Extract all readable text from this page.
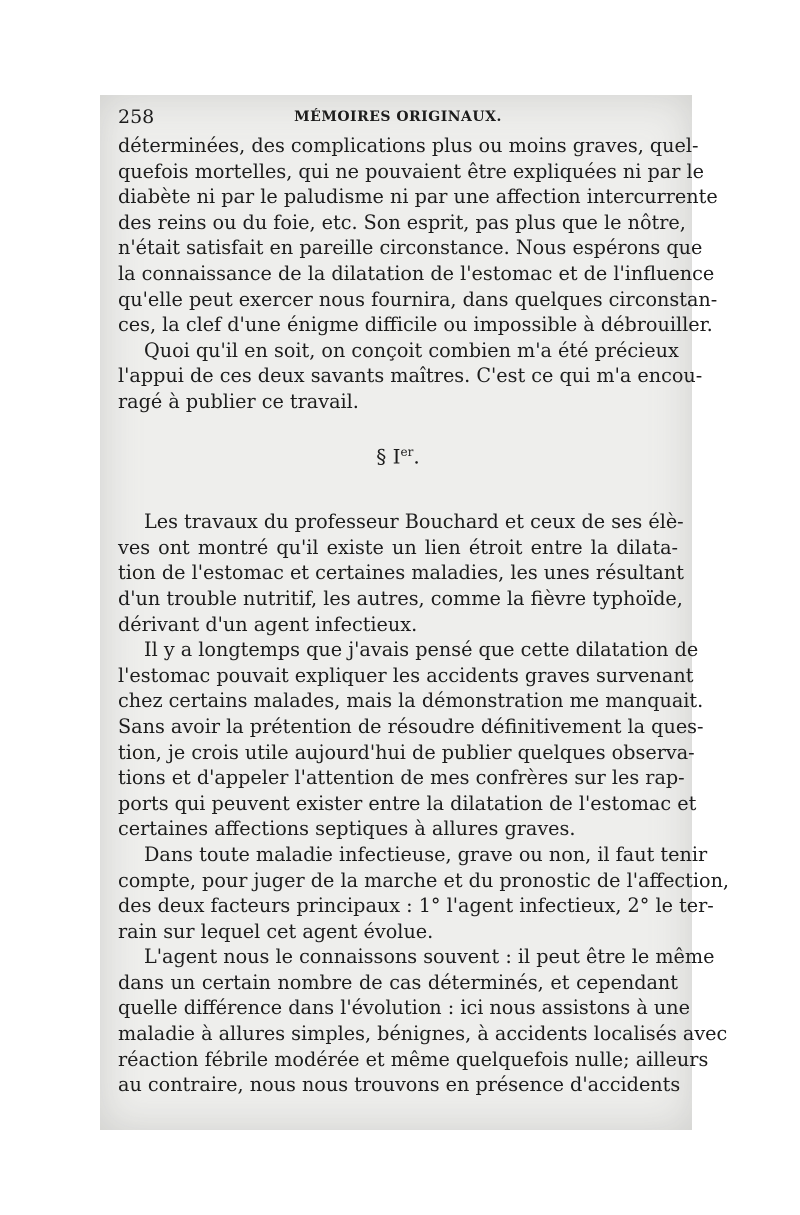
258	MÉMOIRES ORIGINAUX.

déterminées, des complications plus ou moins graves, quel-
quefois mortelles, qui ne pouvaient être expliquées ni par le
diabète ni par le paludisme ni par une affection intercurrente
des reins ou du foie, etc. Son esprit, pas plus que le nôtre,
n'était satisfait en pareille circonstance. Nous espérons que
la connaissance de la dilatation de l'estomac et de l'influence
qu'elle peut exercer nous fournira, dans quelques circonstan-
ces, la clef d'une énigme difficile ou impossible à débrouiller.

Quoi qu'il en soit, on conçoit combien m'a été précieux
l'appui de ces deux savants maîtres. C'est ce qui m'a encou-
ragé à publier ce travail.

§ Ier.

Les travaux du professeur Bouchard et ceux de ses élè-
ves ont montré qu'il existe un lien étroit entre la dilata-
tion de l'estomac et certaines maladies, les unes résultant
d'un trouble nutritif, les autres, comme la fièvre typhoïde,
dérivant d'un agent infectieux.

Il y a longtemps que j'avais pensé que cette dilatation de
l'estomac pouvait expliquer les accidents graves survenant
chez certains malades, mais la démonstration me manquait.
Sans avoir la prétention de résoudre définitivement la ques-
tion, je crois utile aujourd'hui de publier quelques observa-
tions et d'appeler l'attention de mes confrères sur les rap-
ports qui peuvent exister entre la dilatation de l'estomac et
certaines affections septiques à allures graves.

Dans toute maladie infectieuse, grave ou non, il faut tenir
compte, pour juger de la marche et du pronostic de l'affection,
des deux facteurs principaux : 1° l'agent infectieux, 2° le ter-
rain sur lequel cet agent évolue.

L'agent nous le connaissons souvent : il peut être le même
dans un certain nombre de cas déterminés, et cependant
quelle différence dans l'évolution : ici nous assistons à une
maladie à allures simples, bénignes, à accidents localisés avec
réaction fébrile modérée et même quelquefois nulle; ailleurs
au contraire, nous nous trouvons en présence d'accidents
